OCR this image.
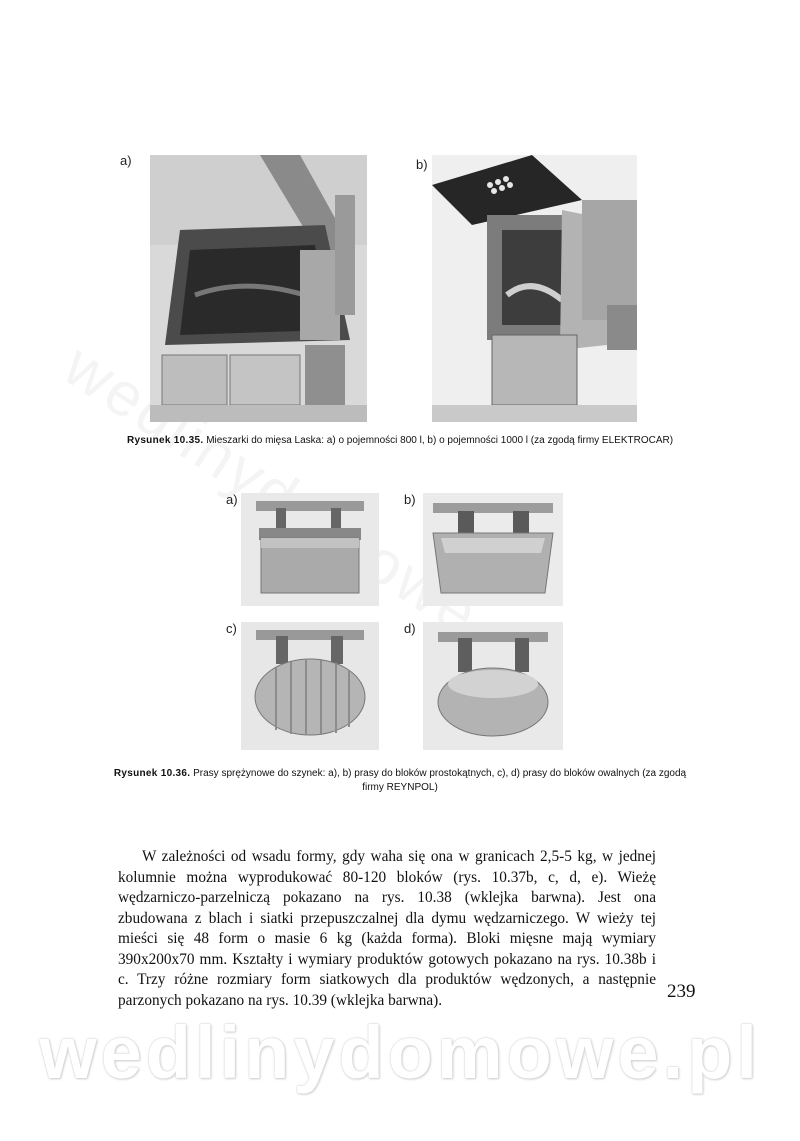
a)	b)
Rysunek 10.35. Mieszarki do mięsa Laska: a) o pojemności 800 l, b) o pojemności 1000 l (za zgodą firmy ELEKTROCAR)
a)	b)
c)	d)
Rysunek 10.36. Prasy sprężynowe do szynek: a), b) prasy do bloków prostokątnych, c), d) prasy do bloków owalnych (za zgodą firmy REYNPOL)

W zależności od wsadu formy, gdy waha się ona w granicach 2,5-5 kg, w jednej kolumnie można wyprodukować 80-120 bloków (rys. 10.37b, c, d, e). Wieżę wędzarniczo-parzelniczą pokazano na rys. 10.38 (wklejka barwna). Jest ona zbudowana z blach i siatki przepuszczalnej dla dymu wędzarniczego. W wieży tej mieści się 48 form o masie 6 kg (każda forma). Bloki mięsne mają wymiary 390x200x70 mm. Kształty i wymiary produktów gotowych pokazano na rys. 10.38b i c. Trzy różne rozmiary form siatkowych dla produktów wędzonych, a następnie parzonych pokazano na rys. 10.39 (wklejka barwna).	239
wedlinydomowe.pl
